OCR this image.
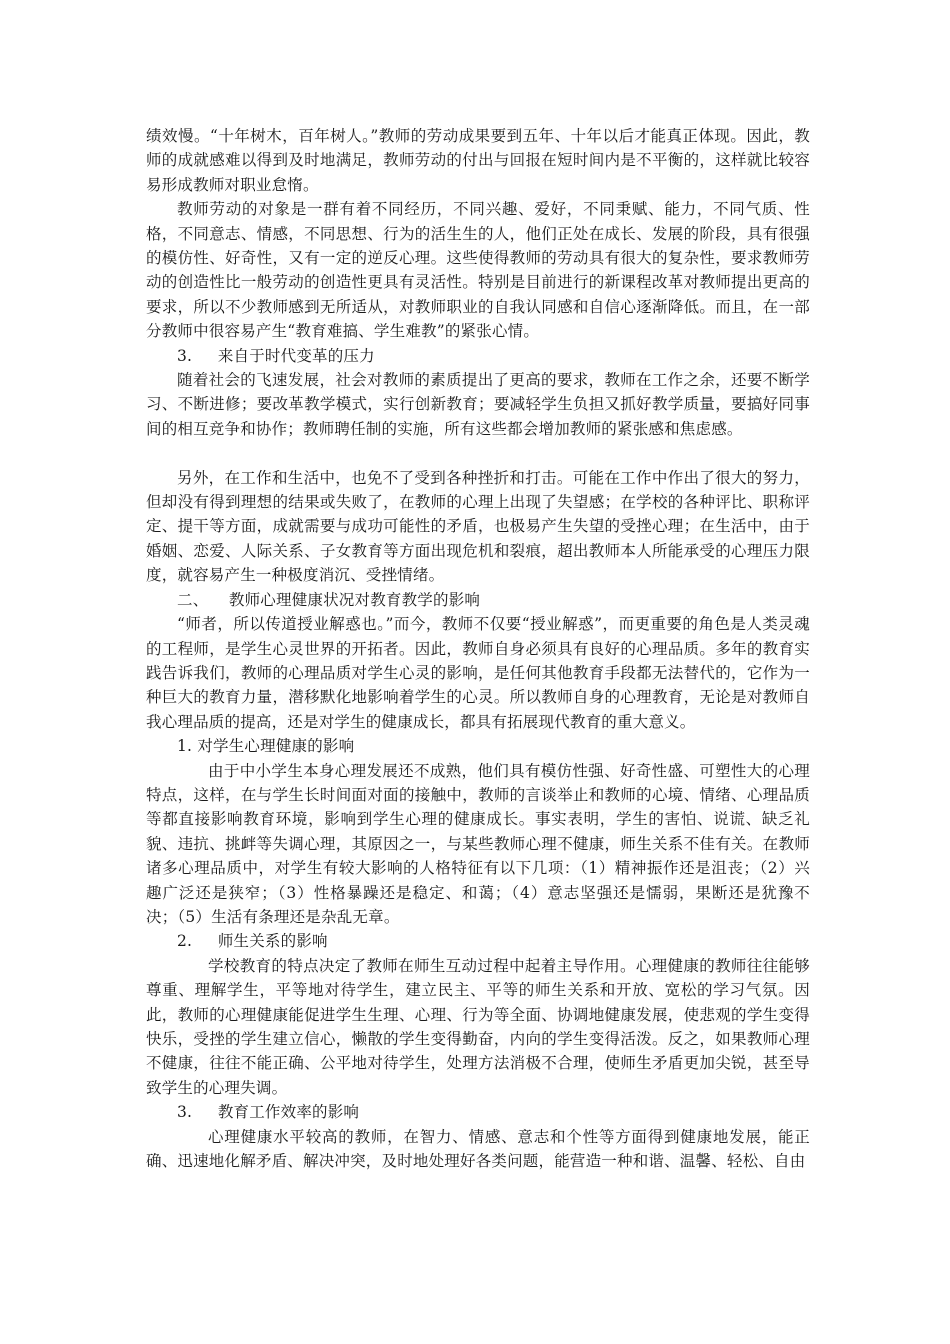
绩效慢。“十年树木，百年树人。”教师的劳动成果要到五年、十年以后才能真正体现。因此，教师的成就感难以得到及时地满足，教师劳动的付出与回报在短时间内是不平衡的，这样就比较容易形成教师对职业怠惰。

教师劳动的对象是一群有着不同经历，不同兴趣、爱好，不同秉赋、能力，不同气质、性格，不同意志、情感，不同思想、行为的活生生的人，他们正处在成长、发展的阶段，具有很强的模仿性、好奇性，又有一定的逆反心理。这些使得教师的劳动具有很大的复杂性，要求教师劳动的创造性比一般劳动的创造性更具有灵活性。特别是目前进行的新课程改革对教师提出更高的要求，所以不少教师感到无所适从，对教师职业的自我认同感和自信心逐渐降低。而且，在一部分教师中很容易产生“教育难搞、学生难教”的紧张心情。

3.     来自于时代变革的压力

随着社会的飞速发展，社会对教师的素质提出了更高的要求，教师在工作之余，还要不断学习、不断进修；要改革教学模式，实行创新教育；要减轻学生负担又抓好教学质量，要搞好同事间的相互竞争和协作；教师聘任制的实施，所有这些都会增加教师的紧张感和焦虑感。

另外，在工作和生活中，也免不了受到各种挫折和打击。可能在工作中作出了很大的努力，但却没有得到理想的结果或失败了，在教师的心理上出现了失望感；在学校的各种评比、职称评定、提干等方面，成就需要与成功可能性的矛盾，也极易产生失望的受挫心理；在生活中，由于婚姻、恋爱、人际关系、子女教育等方面出现危机和裂痕，超出教师本人所能承受的心理压力限度，就容易产生一种极度消沉、受挫情绪。

二、    教师心理健康状况对教育教学的影响

“师者，所以传道授业解惑也。”而今，教师不仅要“授业解惑”，而更重要的角色是人类灵魂的工程师，是学生心灵世界的开拓者。因此，教师自身必须具有良好的心理品质。多年的教育实践告诉我们，教师的心理品质对学生心灵的影响，是任何其他教育手段都无法替代的，它作为一种巨大的教育力量，潜移默化地影响着学生的心灵。所以教师自身的心理教育，无论是对教师自我心理品质的提高，还是对学生的健康成长，都具有拓展现代教育的重大意义。

1. 对学生心理健康的影响

由于中小学生本身心理发展还不成熟，他们具有模仿性强、好奇性盛、可塑性大的心理特点，这样，在与学生长时间面对面的接触中，教师的言谈举止和教师的心境、情绪、心理品质等都直接影响教育环境，影响到学生心理的健康成长。事实表明，学生的害怕、说谎、缺乏礼貌、违抗、挑衅等失调心理，其原因之一，与某些教师心理不健康，师生关系不佳有关。在教师诸多心理品质中，对学生有较大影响的人格特征有以下几项：（1）精神振作还是沮丧；（2）兴趣广泛还是狭窄；（3）性格暴躁还是稳定、和蔼；（4）意志坚强还是懦弱，果断还是犹豫不决；（5）生活有条理还是杂乱无章。

2.     师生关系的影响

学校教育的特点决定了教师在师生互动过程中起着主导作用。心理健康的教师往往能够尊重、理解学生，平等地对待学生，建立民主、平等的师生关系和开放、宽松的学习气氛。因此，教师的心理健康能促进学生生理、心理、行为等全面、协调地健康发展，使悲观的学生变得快乐，受挫的学生建立信心，懒散的学生变得勤奋，内向的学生变得活泼。反之，如果教师心理不健康，往往不能正确、公平地对待学生，处理方法消极不合理，使师生矛盾更加尖锐，甚至导致学生的心理失调。

3.     教育工作效率的影响

心理健康水平较高的教师，在智力、情感、意志和个性等方面得到健康地发展，能正确、迅速地化解矛盾、解决冲突，及时地处理好各类问题，能营造一种和谐、温馨、轻松、自由
